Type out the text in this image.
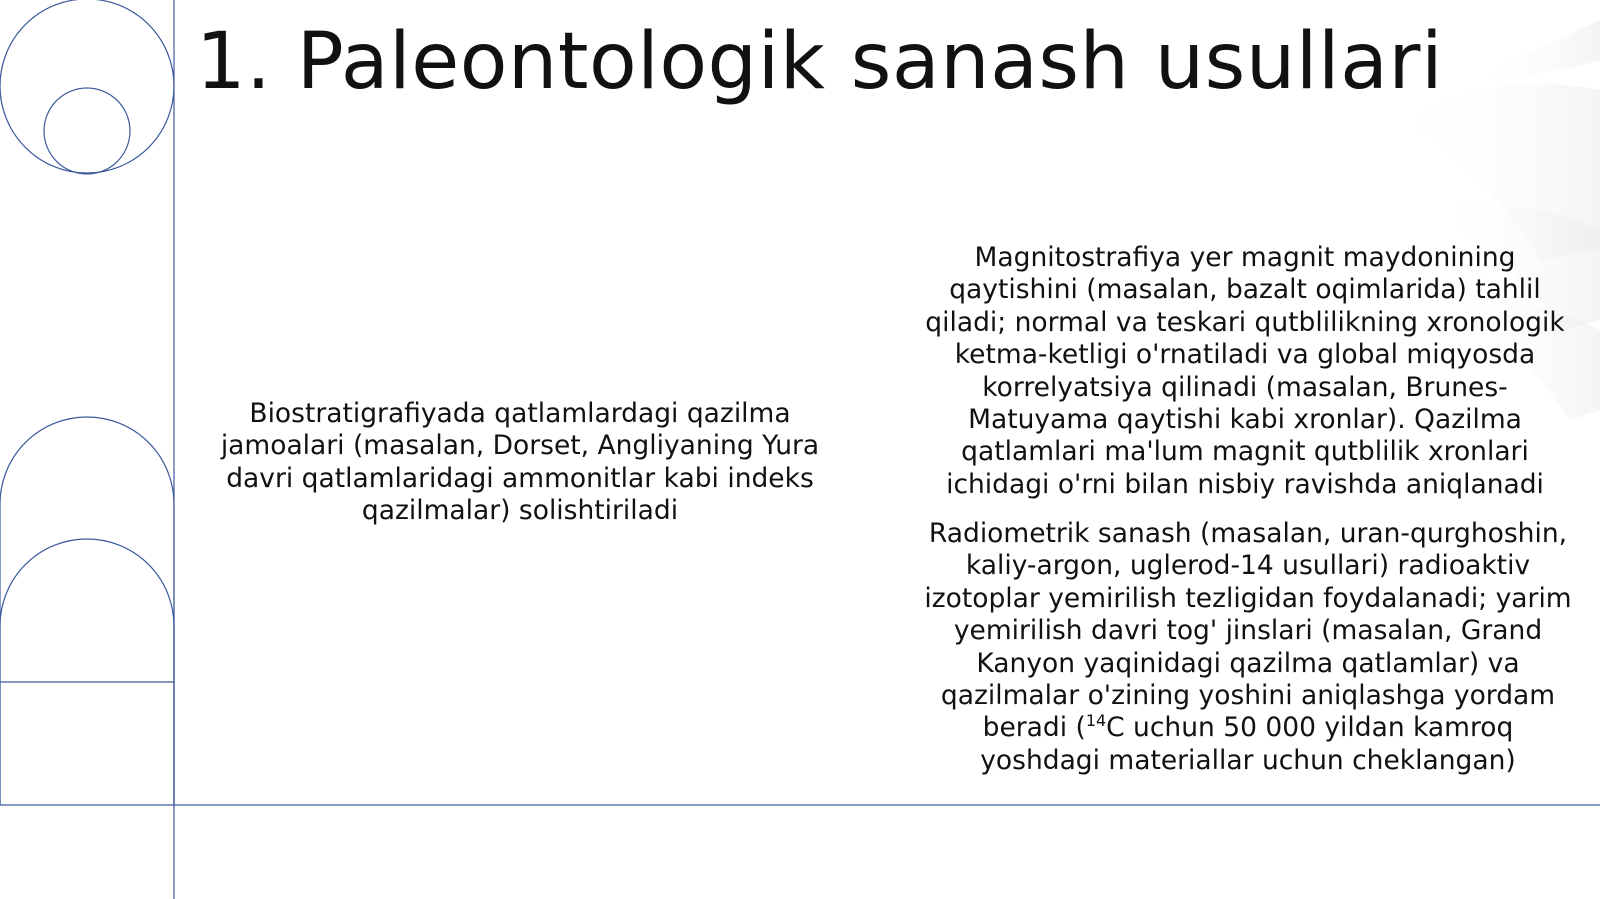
1. Paleontologik sanash usullari

Biostratigrafiyada qatlamlardagi qazilma jamoalari (masalan, Dorset, Angliyaning Yura davri qatlamlaridagi ammonitlar kabi indeks qazilmalar) solishtiriladi

Magnitostrafiya yer magnit maydonining qaytishini (masalan, bazalt oqimlarida) tahlil qiladi; normal va teskari qutblilikning xronologik ketma-ketligi o'rnatiladi va global miqyosda korrelyatsiya qilinadi (masalan, Brunes-Matuyama qaytishi kabi xronlar). Qazilma qatlamlari ma'lum magnit qutblilik xronlari ichidagi o'rni bilan nisbiy ravishda aniqlanadi

Radiometrik sanash (masalan, uran-qurghoshin, kaliy-argon, uglerod-14 usullari) radioaktiv izotoplar yemirilish tezligidan foydalanadi; yarim yemirilish davri tog' jinslari (masalan, Grand Kanyon yaqinidagi qazilma qatlamlar) va qazilmalar o'zining yoshini aniqlashga yordam beradi ($^{14}$C uchun 50 000 yildan kamroq yoshdagi materiallar uchun cheklangan)
